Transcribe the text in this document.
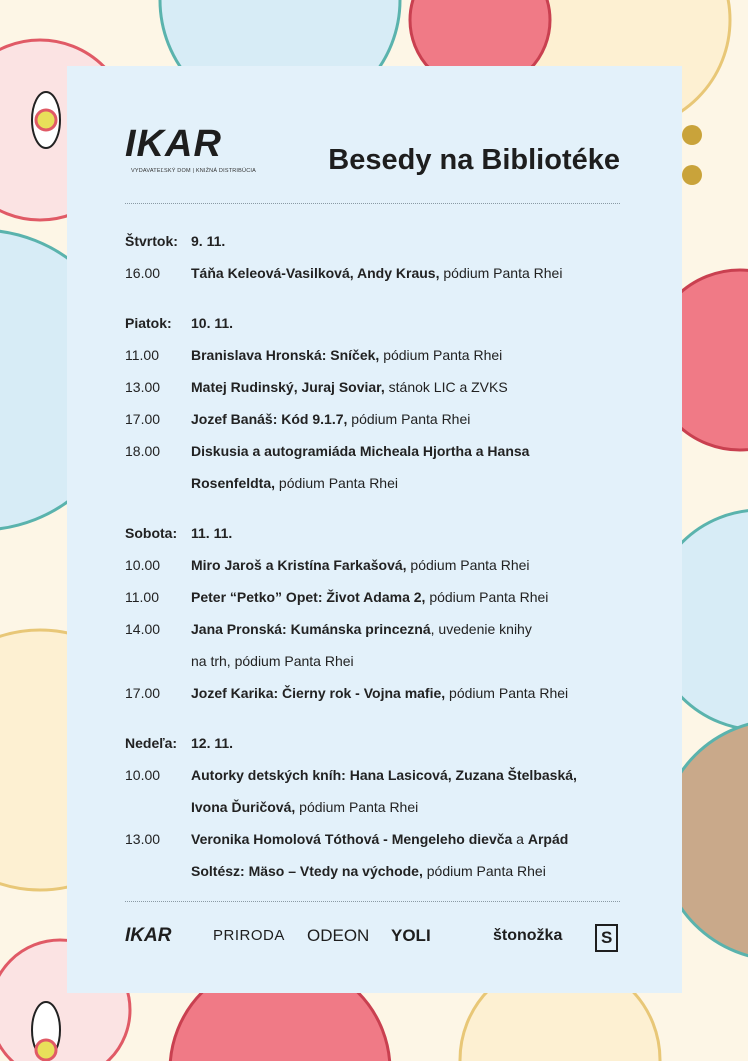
IKAR
VYDAVATEĽSKÝ DOM | KNIŽNÁ DISTRIBÚCIA Besedy na Bibliotéke
Štvrtok: 9. 11.
16.00 Táňa Keleová-Vasilková, Andy Kraus, pódium Panta Rhei
Piatok: 10. 11.
11.00 Branislava Hronská: Sníček, pódium Panta Rhei
13.00 Matej Rudinský, Juraj Soviar, stánok LIC a ZVKS
17.00 Jozef Banáš: Kód 9.1.7, pódium Panta Rhei
18.00 Diskusia a autogramiáda Micheala Hjortha a Hansa
Rosenfeldta, pódium Panta Rhei
Sobota: 11. 11.
10.00 Miro Jaroš a Kristína Farkašová, pódium Panta Rhei
11.00 Peter “Petko” Opet: Život Adama 2, pódium Panta Rhei
14.00 Jana Pronská: Kumánska princezná, uvedenie knihy
na trh, pódium Panta Rhei
17.00 Jozef Karika: Čierny rok - Vojna mafie, pódium Panta Rhei
Nedeľa: 12. 11.
10.00 Autorky detských kníh: Hana Lasicová, Zuzana Štelbaská,
Ivona Ďuričová, pódium Panta Rhei
13.00 Veronika Homolová Tóthová - Mengeleho dievča a Arpád
Soltész: Mäso – Vtedy na východe, pódium Panta Rhei
IKAR	PRIRODA ODEON YOLI	štonožka	S
